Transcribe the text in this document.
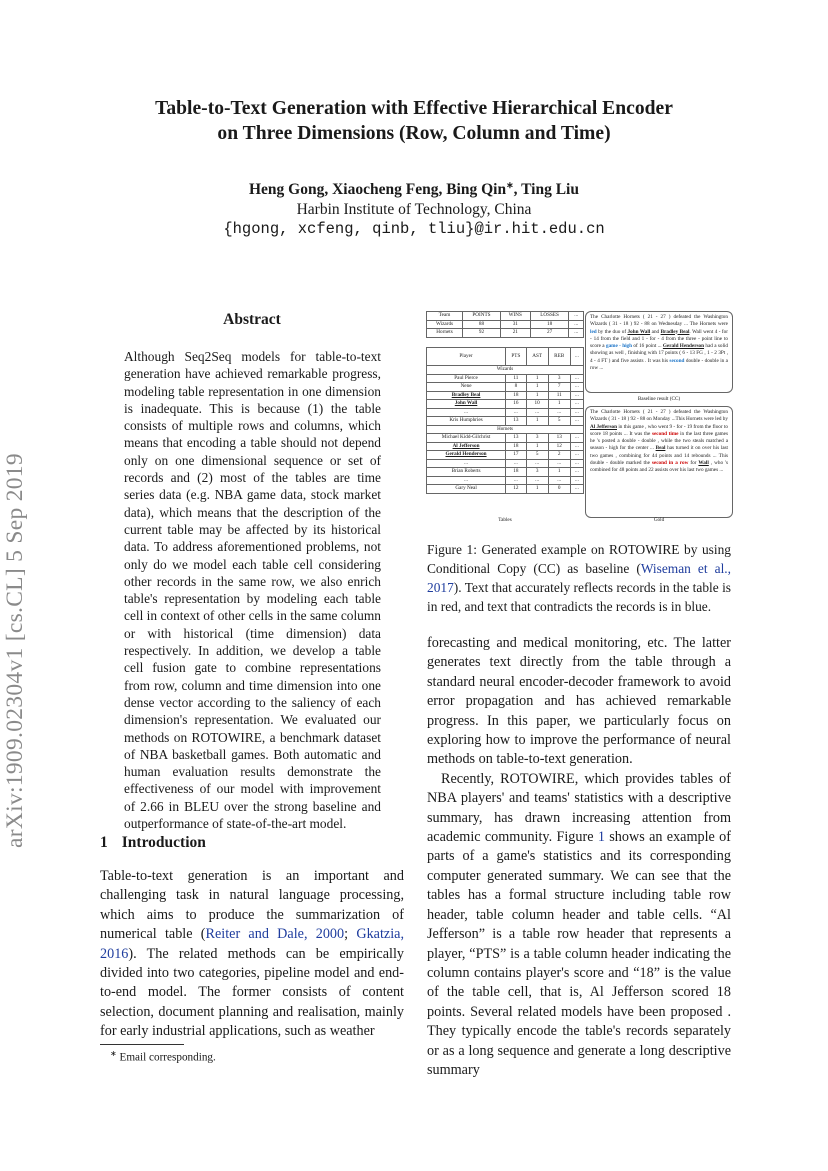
arXiv:1909.02304v1 [cs.CL] 5 Sep 2019
Table-to-Text Generation with Effective Hierarchical Encoder
on Three Dimensions (Row, Column and Time)
Heng Gong, Xiaocheng Feng, Bing Qin∗, Ting Liu
Harbin Institute of Technology, China
{hgong, xcfeng, qinb, tliu}@ir.hit.edu.cn
Abstract
Although Seq2Seq models for table-to-text generation have achieved remarkable progress, modeling table representation in one dimension is inadequate. This is because (1) the table consists of multiple rows and columns, which means that encoding a table should not depend only on one dimensional sequence or set of records and (2) most of the tables are time series data (e.g. NBA game data, stock market data), which means that the description of the current table may be affected by its historical data. To address aforementioned problems, not only do we model each table cell considering other records in the same row, we also enrich table's representation by modeling each table cell in context of other cells in the same column or with historical (time dimension) data respectively. In addition, we develop a table cell fusion gate to combine representations from row, column and time dimension into one dense vector according to the saliency of each dimension's representation. We evaluated our methods on ROTOWIRE, a benchmark dataset of NBA basketball games. Both automatic and human evaluation results demonstrate the effectiveness of our model with improvement of 2.66 in BLEU over the strong baseline and outperformance of state-of-the-art model.
1 Introduction
Table-to-text generation is an important and challenging task in natural language processing, which aims to produce the summarization of numerical table (Reiter and Dale, 2000; Gkatzia, 2016). The related methods can be empirically divided into two categories, pipeline model and end-to-end model. The former consists of content selection, document planning and realisation, mainly for early industrial applications, such as weather
∗ Email corresponding.
Team	POINTS	WINS	LOSSES	...
Wizards	88	31	18	...
Hornets	92	21	27	...
Player	PTS	AST	REB	...
Wizards				
Paul Pierce	11	1	3	...
Nene	8	1	7	...
Bradley Beal	18	1	11	...
John Wall	16	10	1	...
...	...	...	...	...
Kris Humphries	13	1	5	...
Hornets				
Michael Kidd-Gilchrist	13	3	13	...
Al Jefferson	18	1	12	...
Gerald Henderson	17	5	2	...
...	...	...	...	...
Brian Roberts	18	3	1	...
...	...	...	...	...
Gary Neal	12	1	0	...
Tables
The Charlotte Hornets ( 21 - 27 ) defeated the Washington Wizards ( 31 - 18 ) 92 - 88 on Wednesday ... The Hornets were led by the duo of John Wall and Bradley Beal. Wall went 4 - for - 14 from the field and 1 - for - 4 from the three - point line to score a game - high of 16 point ... Gerald Henderson had a solid showing as well , finishing with 17 points ( 6 - 13 FG , 1 - 2 3Pt , 4 - 4 FT ) and five assists . It was his second double - double in a row ...
Baseline result (CC)
The Charlotte Hornets ( 21 - 27 ) defeated the Washington Wizards ( 31 - 18 ) 92 - 88 on Monday ...This Hornets were led by Al Jefferson in this game , who went 9 - for - 19 from the floor to score 18 points ... It was the second time in the last three games he 's posted a double - double , while the two steals matched a season - high for the center ... Beal has turned it on over his last two games , combining for 44 points and 14 rebounds ... This double - double marked the second in a row for Wall , who 's combined for 48 points and 22 assists over his last two games ...
Gold
Figure 1: Generated example on ROTOWIRE by using Conditional Copy (CC) as baseline (Wiseman et al., 2017). Text that accurately reflects records in the table is in red, and text that contradicts the records is in blue.

forecasting and medical monitoring, etc. The latter generates text directly from the table through a standard neural encoder-decoder framework to avoid error propagation and has achieved remarkable progress. In this paper, we particularly focus on exploring how to improve the performance of neural methods on table-to-text generation.

Recently, ROTOWIRE, which provides tables of NBA players' and teams' statistics with a descriptive summary, has drawn increasing attention from academic community. Figure 1 shows an example of parts of a game's statistics and its corresponding computer generated summary. We can see that the tables has a formal structure including table row header, table column header and table cells. “Al Jefferson” is a table row header that represents a player, “PTS” is a table column header indicating the column contains player's score and “18” is the value of the table cell, that is, Al Jefferson scored 18 points. Several related models have been proposed . They typically encode the table's records separately or as a long sequence and generate a long descriptive summary
